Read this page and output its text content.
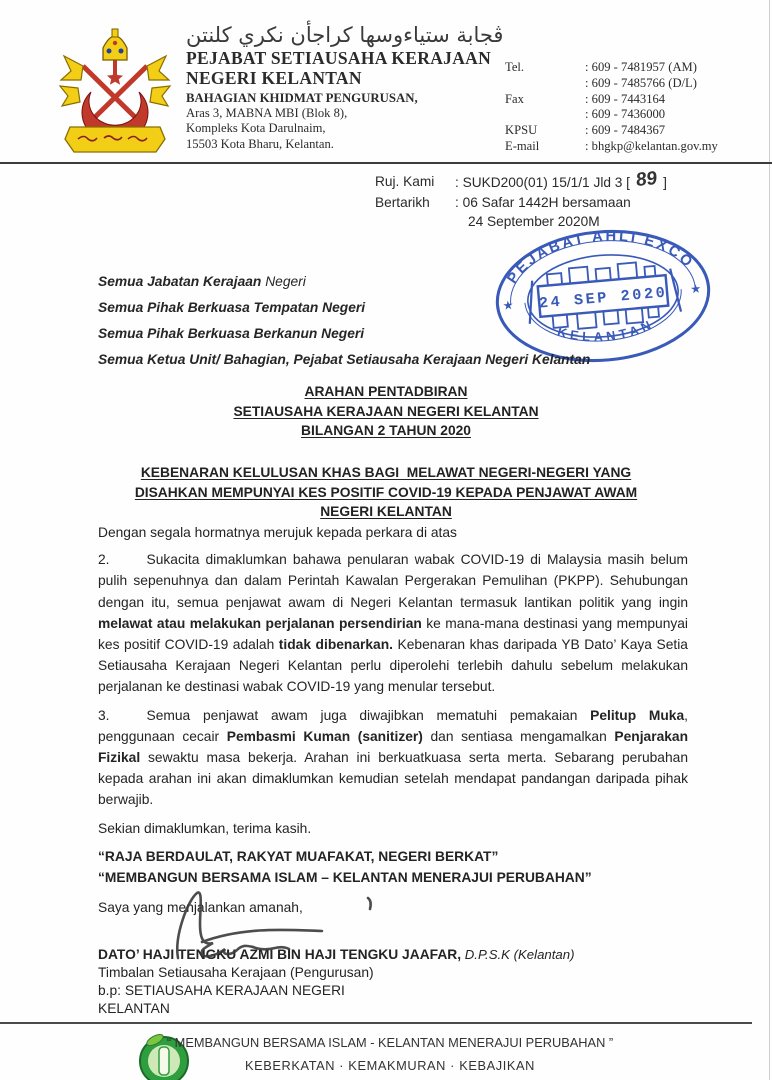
ڤجابة ستياءوسها كراجأن نكري كلنتن
PEJABAT SETIAUSAHA KERAJAAN
NEGERI KELANTAN
BAHAGIAN KHIDMAT PENGURUSAN,
Aras 3, MABNA MBI (Blok 8),
Kompleks Kota Darulnaim,
15503 Kota Bharu, Kelantan.
Tel.	: 609 - 7481957 (AM)
: 609 - 7485766 (D/L)
Fax	: 609 - 7443164
: 609 - 7436000
KPSU	: 609 - 7484367
E-mail	: bhgkp@kelantan.gov.my
Ruj. Kami	: SUKD200(01) 15/1/1 Jld 3 [ 89 ]
Bertarikh	: 06 Safar 1442H bersamaan
24 September 2020M
PEJABAT AHLI EXCO
KELANTAN
★
★
24 SEP 2020
Semua Jabatan Kerajaan Negeri
Semua Pihak Berkuasa Tempatan Negeri
Semua Pihak Berkuasa Berkanun Negeri
Semua Ketua Unit/ Bahagian, Pejabat Setiausaha Kerajaan Negeri Kelantan
ARAHAN PENTADBIRAN
SETIAUSAHA KERAJAAN NEGERI KELANTAN
BILANGAN 2 TAHUN 2020
KEBENARAN KELULUSAN KHAS BAGI  MELAWAT NEGERI-NEGERI YANG
DISAHKAN MEMPUNYAI KES POSITIF COVID-19 KEPADA PENJAWAT AWAM
NEGERI KELANTAN

Dengan segala hormatnya merujuk kepada perkara di atas

2.	Sukacita dimaklumkan bahawa penularan wabak COVID-19 di Malaysia masih belum pulih sepenuhnya dan dalam Perintah Kawalan Pergerakan Pemulihan (PKPP). Sehubungan dengan itu, semua penjawat awam di Negeri Kelantan termasuk lantikan politik yang ingin melawat atau melakukan perjalanan persendirian ke mana-mana destinasi yang mempunyai kes positif COVID-19 adalah tidak dibenarkan. Kebenaran khas daripada YB Dato’ Kaya Setia Setiausaha Kerajaan Negeri Kelantan perlu diperolehi terlebih dahulu sebelum melakukan perjalanan ke destinasi wabak COVID-19 yang menular tersebut.

3.	Semua penjawat awam juga diwajibkan mematuhi pemakaian Pelitup Muka, penggunaan cecair Pembasmi Kuman (sanitizer) dan sentiasa mengamalkan Penjarakan Fizikal sewaktu masa bekerja. Arahan ini berkuatkuasa serta merta. Sebarang perubahan kepada arahan ini akan dimaklumkan kemudian setelah mendapat pandangan daripada pihak berwajib.

Sekian dimaklumkan, terima kasih.

“RAJA BERDAULAT, RAKYAT MUAFAKAT, NEGERI BERKAT”
“MEMBANGUN BERSAMA ISLAM – KELANTAN MENERAJUI PERUBAHAN”

Saya yang menjalankan amanah,

DATO’ HAJI TENGKU AZMI BIN HAJI TENGKU JAAFAR, D.P.S.K (Kelantan)
Timbalan Setiausaha Kerajaan (Pengurusan)
b.p: SETIAUSAHA KERAJAAN NEGERI
KELANTAN
“ MEMBANGUN BERSAMA ISLAM - KELANTAN MENERAJUI PERUBAHAN ”
KEBERKATAN · KEMAKMURAN · KEBAJIKAN
